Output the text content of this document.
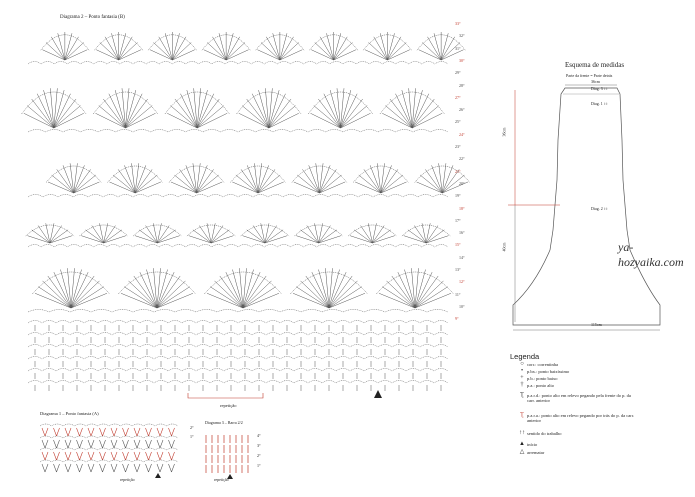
Diagrama 2 – Ponto fantasia (B)
repetição
33°
32°
31°
30°
29°
28°
27°
26°
25°
24°
23°
22°
21°
20°
19°
18°
17°
16°
15°
14°
13°
12°
11°
10°
9°
Diagrama 1 – Ponto fantasia (A)
repetição
2°
1°
Diagrama 3 – Barra 2/2
repetição
4°
3°
2°
1°
Esquema de medidas
Parte da frente = Parte detrás
36cm
Diag. 3 ↕↕
Diag. 1 ↕↕
Diag. 2 ↕↕
36cm
40cm
115cm
ya-hozyaika.com
Legenda
○ corr.: correntinha
• p.bx.: ponto baixíssimo
+ p.b.: ponto baixo
† p.a.: ponto alto
Ʈ p.a.r.d.: ponto alto em relevo pegando pela frente do p. da carr. anterior
Ʈ p.a.r.a.: ponto alto em relevo pegando por trás do p. da carr. anterior
↑↑ sentido do trabalho
▲ início
△ arrematar
